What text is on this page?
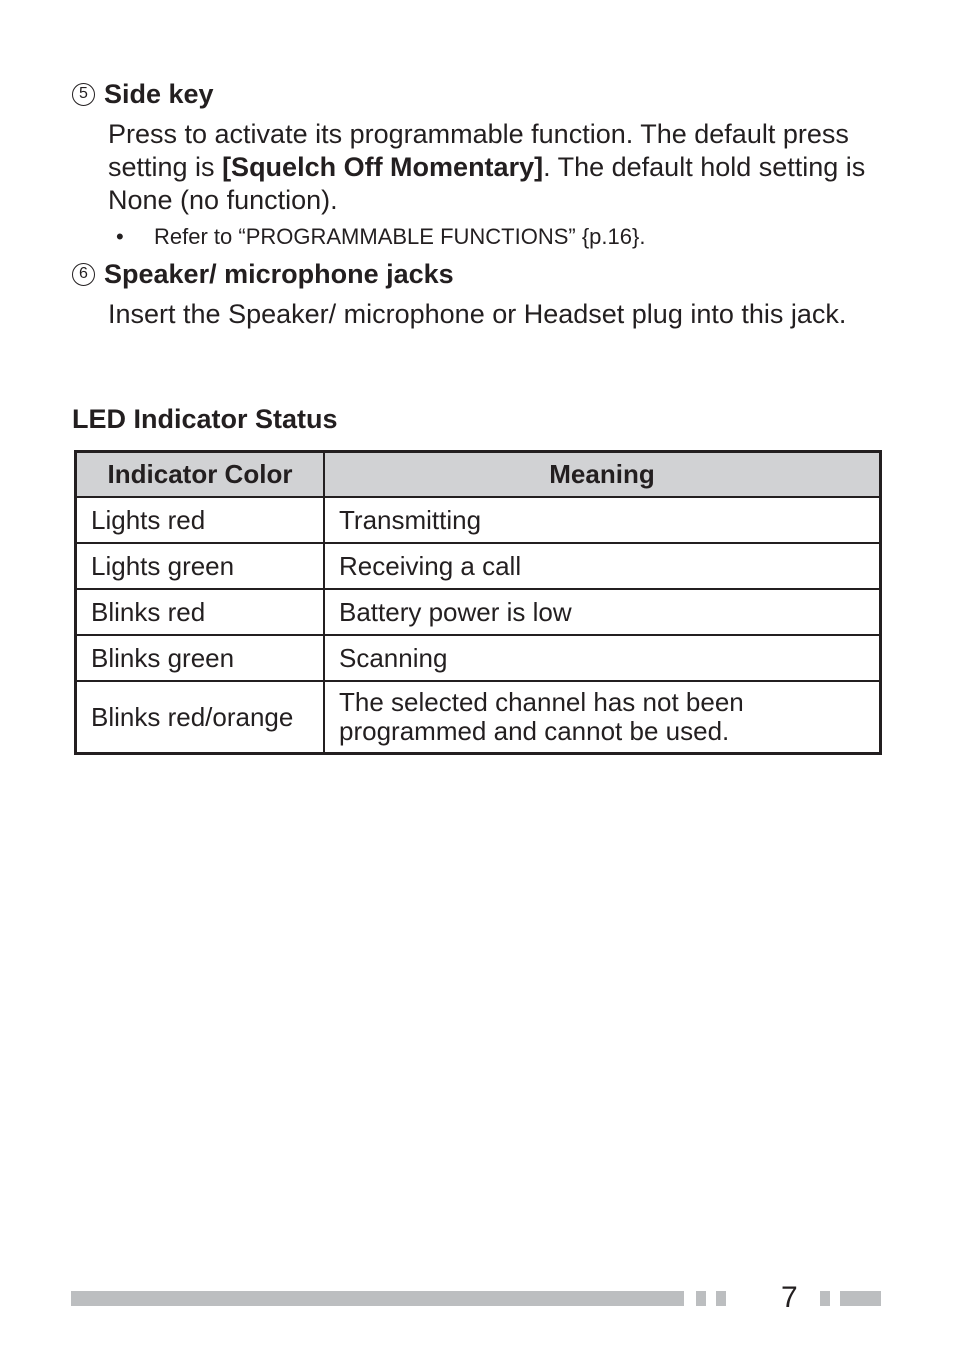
5 Side key
Press to activate its programmable function. The default press setting is [Squelch Off Momentary]. The default hold setting is None (no function).
•	Refer to “PROGRAMMABLE FUNCTIONS” {p.16}.
6 Speaker/ microphone jacks
Insert the Speaker/ microphone or Headset plug into this jack.
LED Indicator Status
Indicator Color	Meaning
Lights red	Transmitting
Lights green	Receiving a call
Blinks red	Battery power is low
Blinks green	Scanning
Blinks red/orange	The selected channel has not been programmed and cannot be used.
7
